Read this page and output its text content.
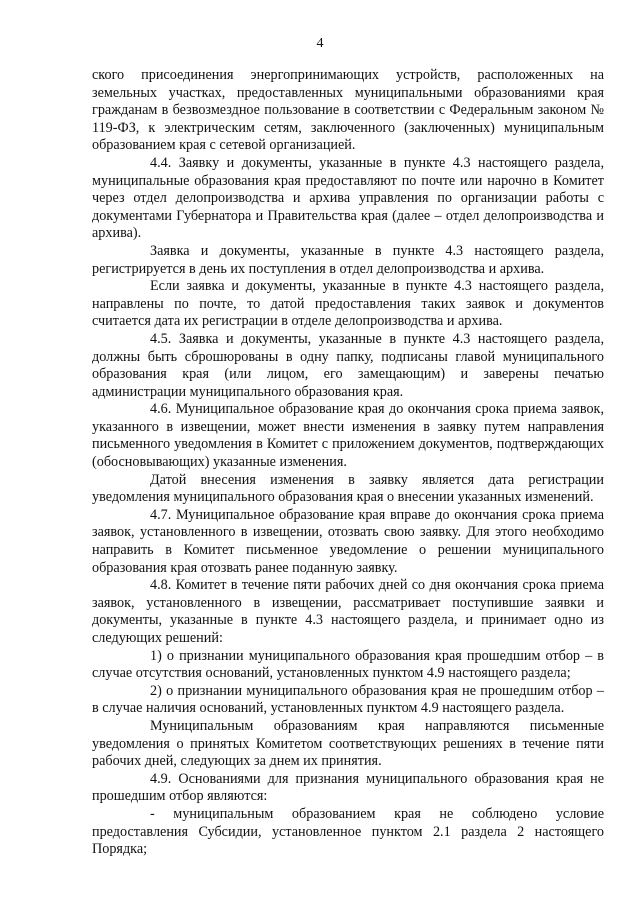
4

ского присоединения энергопринимающих устройств, расположенных на земельных участках, предоставленных муниципальными образованиями края гражданам в безвозмездное пользование в соответствии с Федеральным законом № 119-ФЗ, к электрическим сетям, заключенного (заключенных) муниципальным образованием края с сетевой организацией.

4.4. Заявку и документы, указанные в пункте 4.3 настоящего раздела, муниципальные образования края предоставляют по почте или нарочно в Комитет через отдел делопроизводства и архива управления по организации работы с документами Губернатора и Правительства края (далее – отдел делопроизводства и архива).

Заявка и документы, указанные в пункте 4.3 настоящего раздела, регистрируется в день их поступления в отдел делопроизводства и архива.

Если заявка и документы, указанные в пункте 4.3 настоящего раздела, направлены по почте, то датой предоставления таких заявок и документов считается дата их регистрации в отделе делопроизводства и архива.

4.5. Заявка и документы, указанные в пункте 4.3 настоящего раздела, должны быть сброшюрованы в одну папку, подписаны главой муниципального образования края (или лицом, его замещающим) и заверены печатью администрации муниципального образования края.

4.6. Муниципальное образование края до окончания срока приема заявок, указанного в извещении, может внести изменения в заявку путем направления письменного уведомления в Комитет с приложением документов, подтверждающих (обосновывающих) указанные изменения.

Датой внесения изменения в заявку является дата регистрации уведомления муниципального образования края о внесении указанных изменений.

4.7. Муниципальное образование края вправе до окончания срока приема заявок, установленного в извещении, отозвать свою заявку. Для этого необходимо направить в Комитет письменное уведомление о решении муниципального образования края отозвать ранее поданную заявку.

4.8. Комитет в течение пяти рабочих дней со дня окончания срока приема заявок, установленного в извещении, рассматривает поступившие заявки и документы, указанные в пункте 4.3 настоящего раздела, и принимает одно из следующих решений:

1) о признании муниципального образования края прошедшим отбор – в случае отсутствия оснований, установленных пунктом 4.9 настоящего раздела;

2) о признании муниципального образования края не прошедшим отбор – в случае наличия оснований, установленных пунктом 4.9 настоящего раздела.

Муниципальным образованиям края направляются письменные уведомления о принятых Комитетом соответствующих решениях в течение пяти рабочих дней, следующих за днем их принятия.

4.9. Основаниями для признания муниципального образования края не прошедшим отбор являются:

- муниципальным образованием края не соблюдено условие предоставления Субсидии, установленное пунктом 2.1 раздела 2 настоящего Порядка;
